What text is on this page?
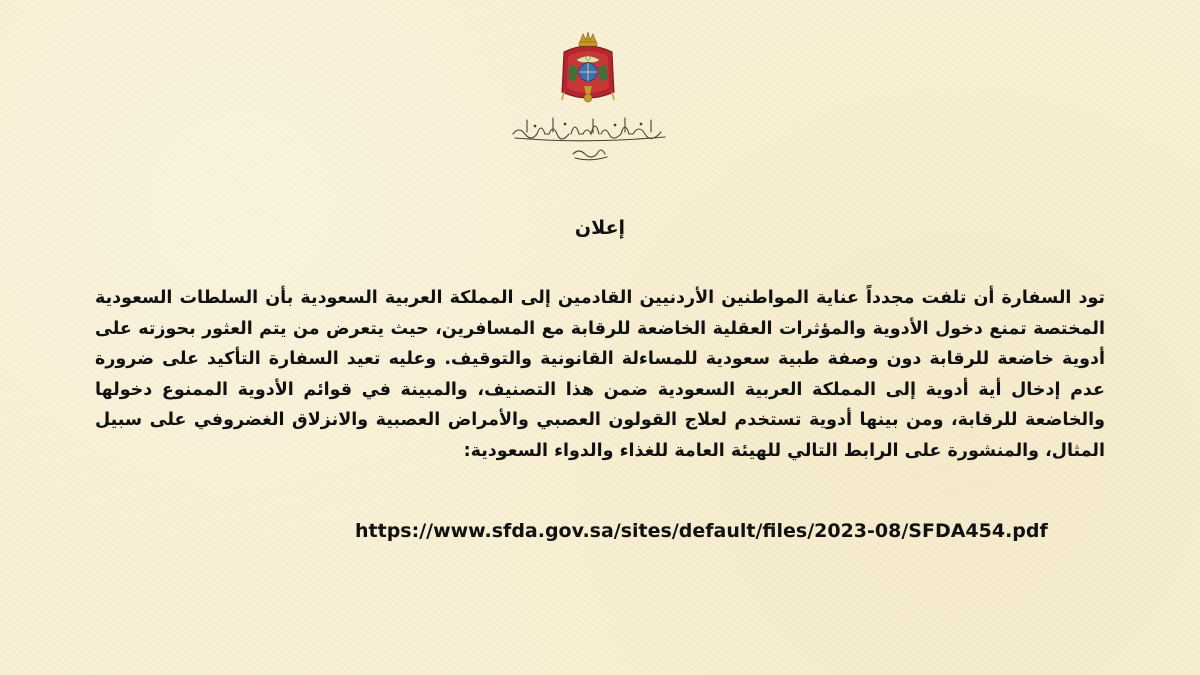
إعلان
تود السفارة أن تلفت مجدداً عناية المواطنين الأردنيين القادمين إلى المملكة العربية السعودية بأن السلطات السعودية المختصة تمنع دخول الأدوية والمؤثرات العقلية الخاضعة للرقابة مع المسافرين، حيث يتعرض من يتم العثور بحوزته على أدوية خاضعة للرقابة دون وصفة طبية سعودية للمساءلة القانونية والتوقيف. وعليه تعيد السفارة التأكيد على ضرورة عدم إدخال أية أدوية إلى المملكة العربية السعودية ضمن هذا التصنيف، والمبينة في قوائم الأدوية الممنوع دخولها والخاضعة للرقابة، ومن بينها أدوية تستخدم لعلاج القولون العصبي والأمراض العصبية والانزلاق الغضروفي على سبيل المثال، والمنشورة على الرابط التالي للهيئة العامة للغذاء والدواء السعودية:
https://www.sfda.gov.sa/sites/default/files/2023-08/SFDA454.pdf
